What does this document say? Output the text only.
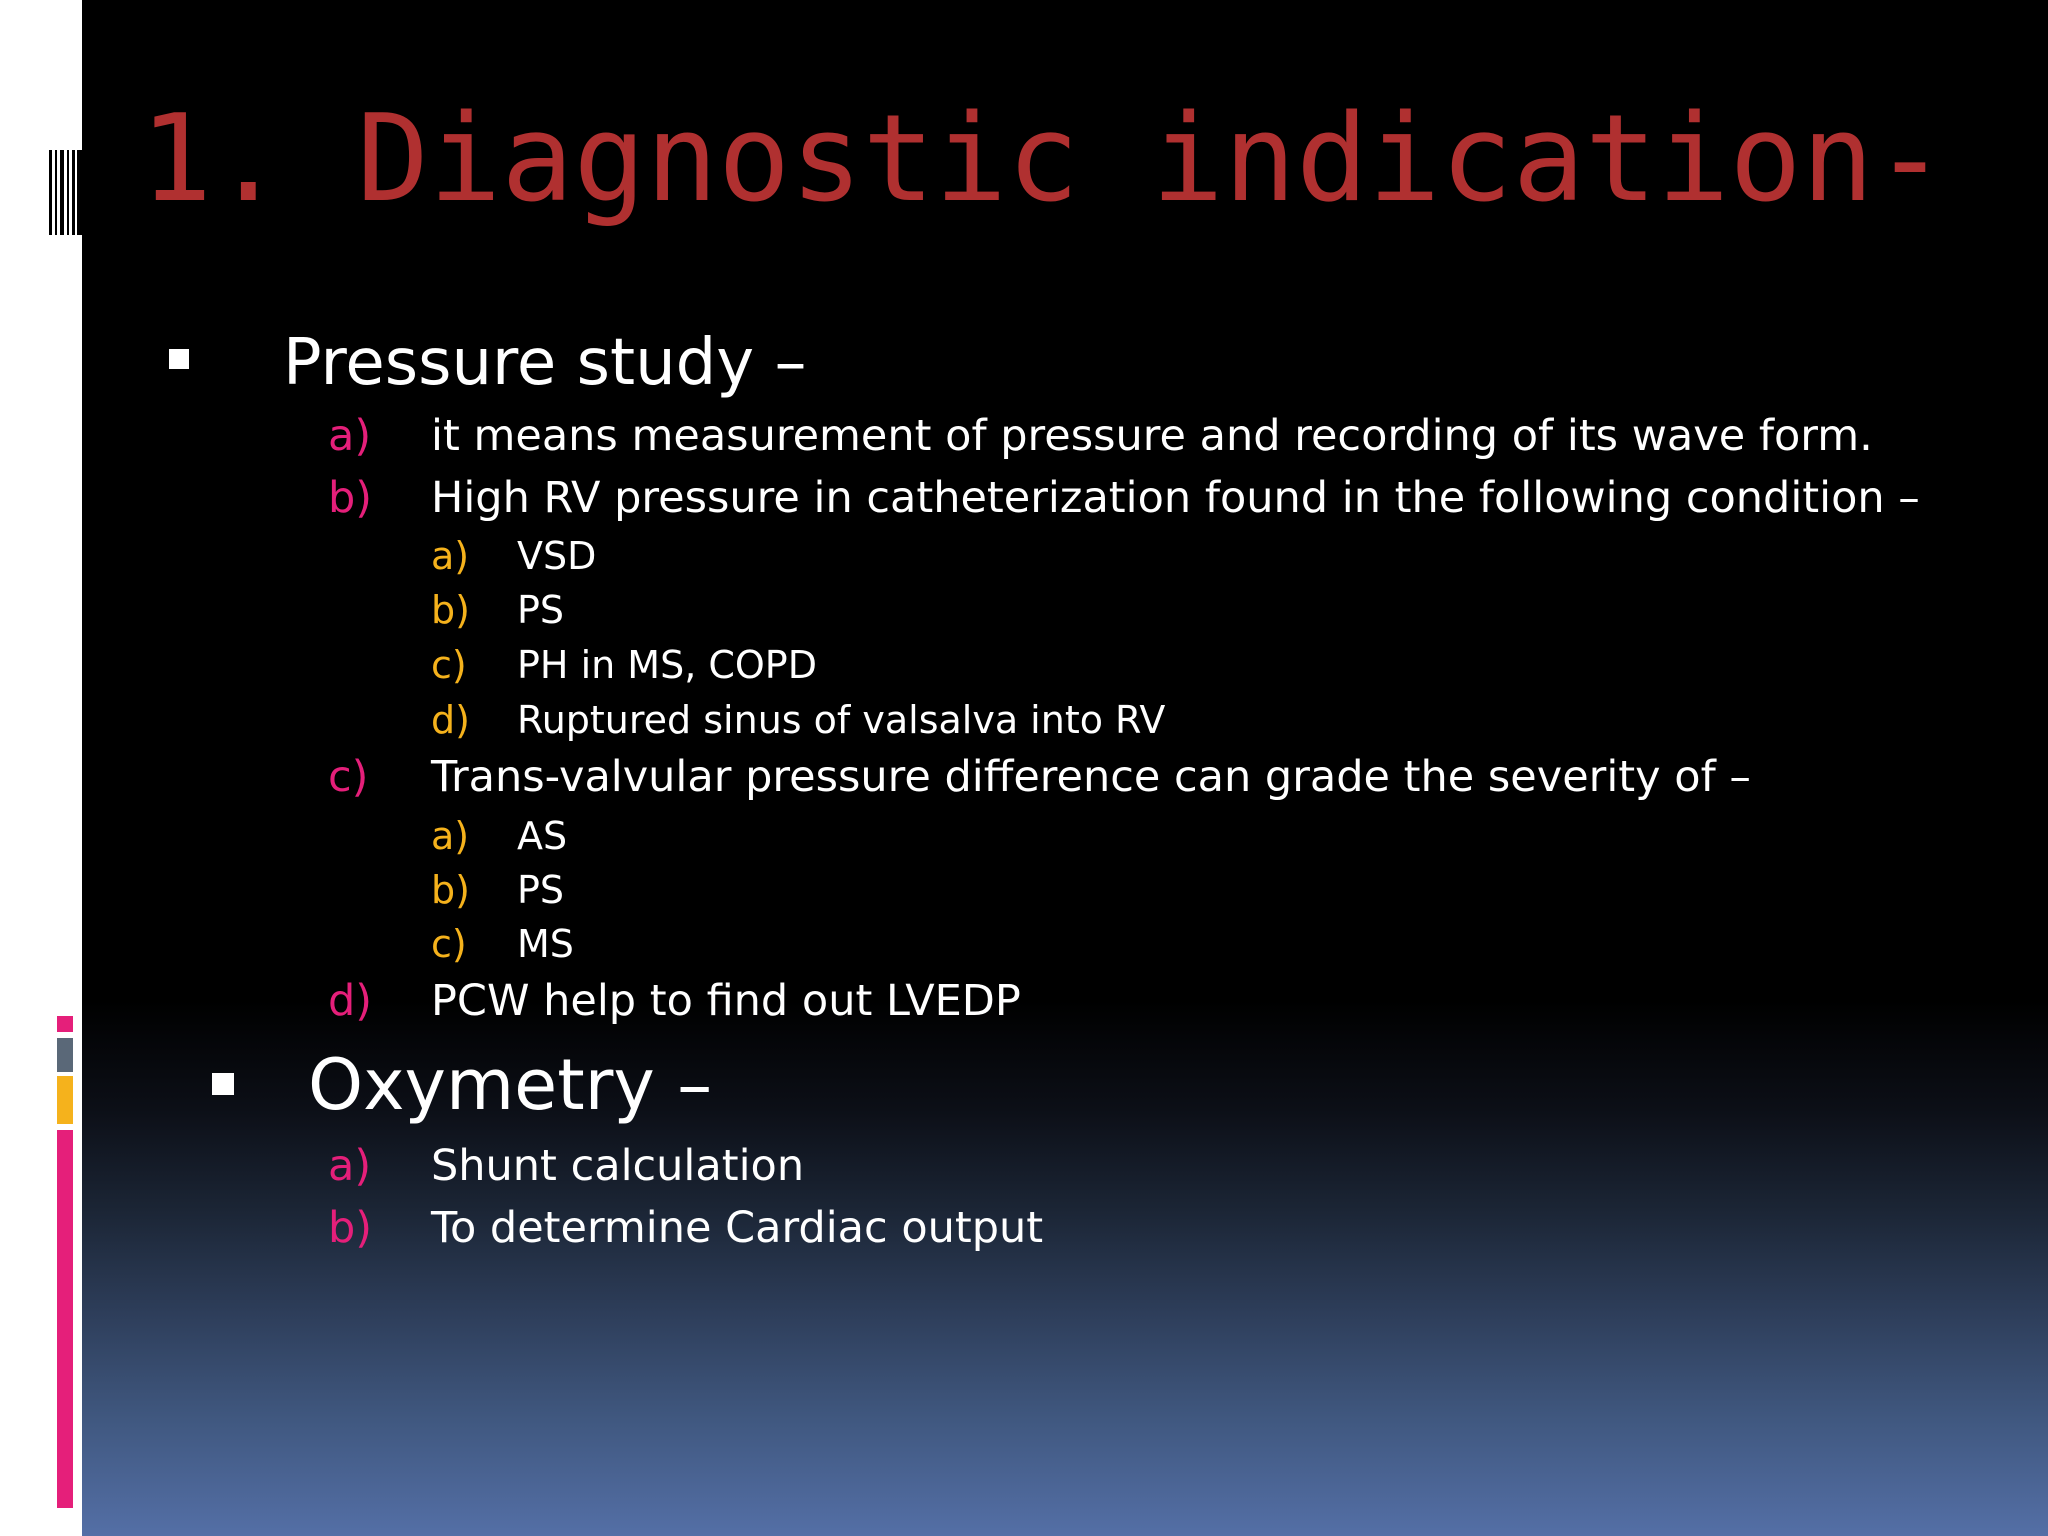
1. Diagnostic indication-
Pressure study –
a) it means measurement of pressure and recording of its wave form.
b) High RV pressure in catheterization found in the following condition –
a) VSD
b) PS
c) PH in MS, COPD
d) Ruptured sinus of valsalva into RV
c) Trans-valvular pressure difference can grade the severity of –
a) AS
b) PS
c) MS
d) PCW help to find out LVEDP
Oxymetry –
a) Shunt calculation
b) To determine Cardiac output
